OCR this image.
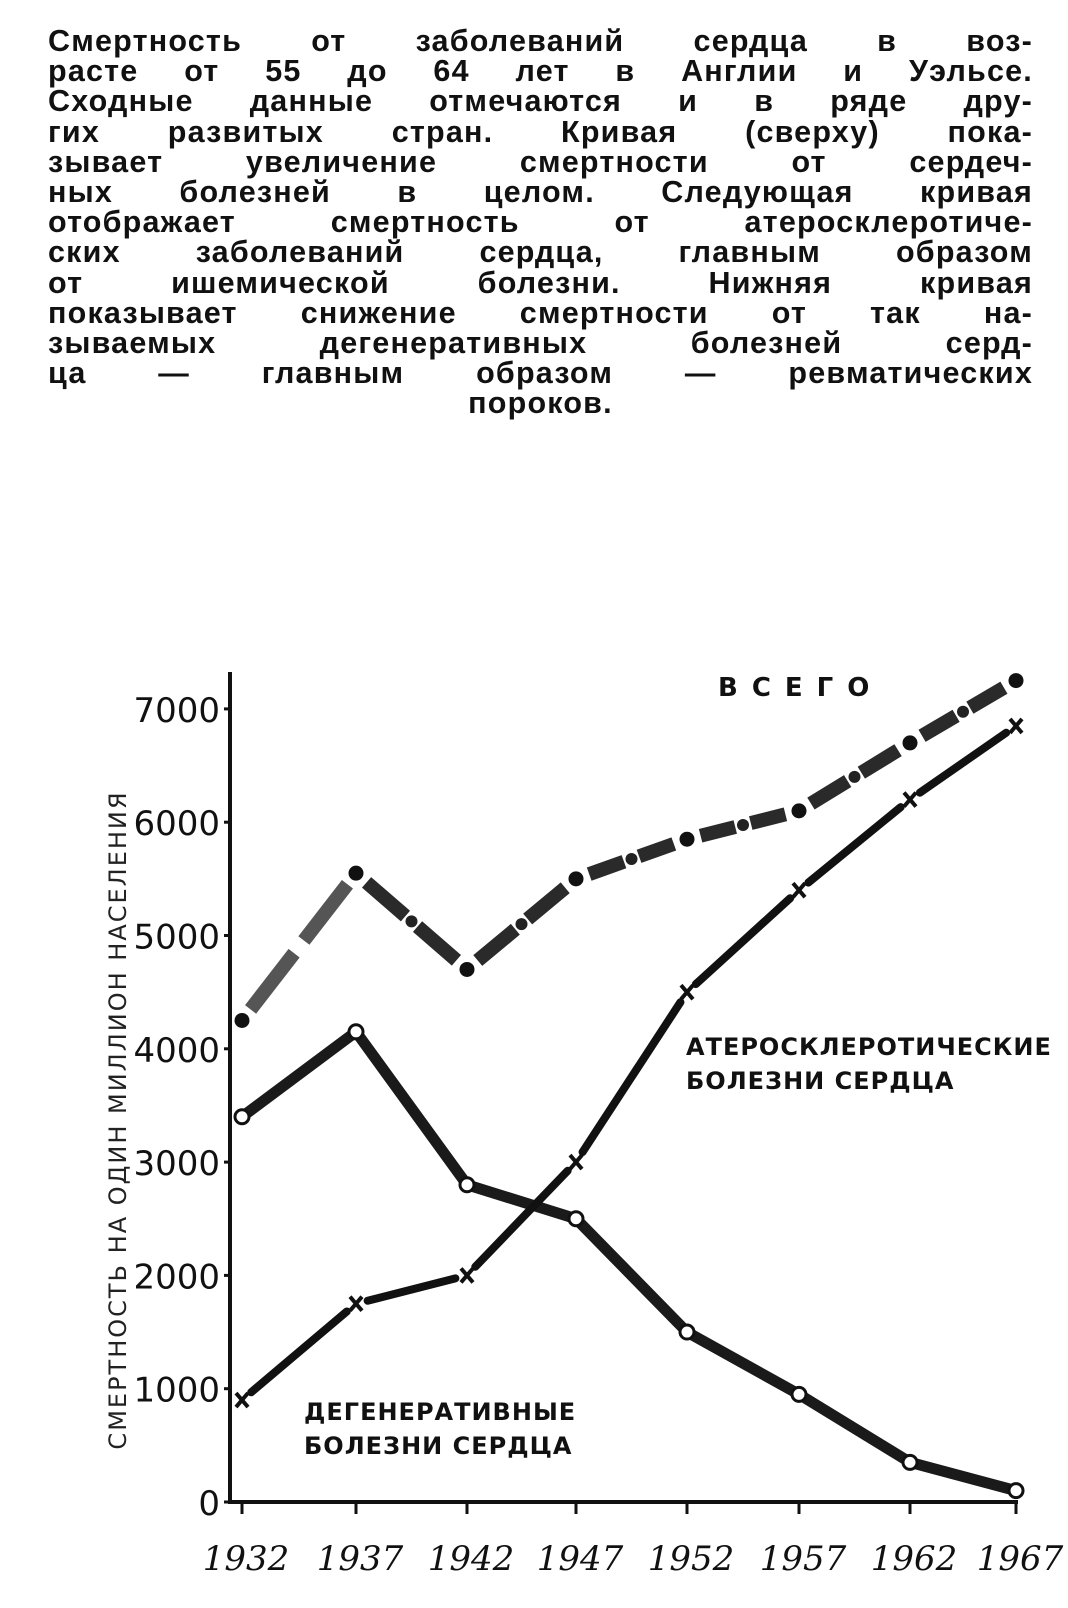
Смертность от заболеваний сердца в воз-
расте от 55 до 64 лет в Англии и Уэльсе.
Сходные данные отмечаются и в ряде дру-
гих развитых стран. Кривая (сверху) пока-
зывает увеличение смертности от сердеч-
ных болезней в целом. Следующая кривая
отображает смертность от атеросклеротиче-
ских заболеваний сердца, главным образом
от ишемической болезни. Нижняя кривая
показывает снижение смертности от так на-
зываемых дегенеративных болезней серд-
ца — главным образом — ревматических
пороков.
0
1000
2000
3000
4000
5000
6000
7000
1932 1937 1942 1947 1952 1957 1962 1967
СМЕРТНОСТЬ НА ОДИН МИЛЛИОН НАСЕЛЕНИЯ
ВСЕГО
АТЕРОСКЛЕРОТИЧЕСКИЕ
БОЛЕЗНИ СЕРДЦА
ДЕГЕНЕРАТИВНЫЕ
БОЛЕЗНИ СЕРДЦА
